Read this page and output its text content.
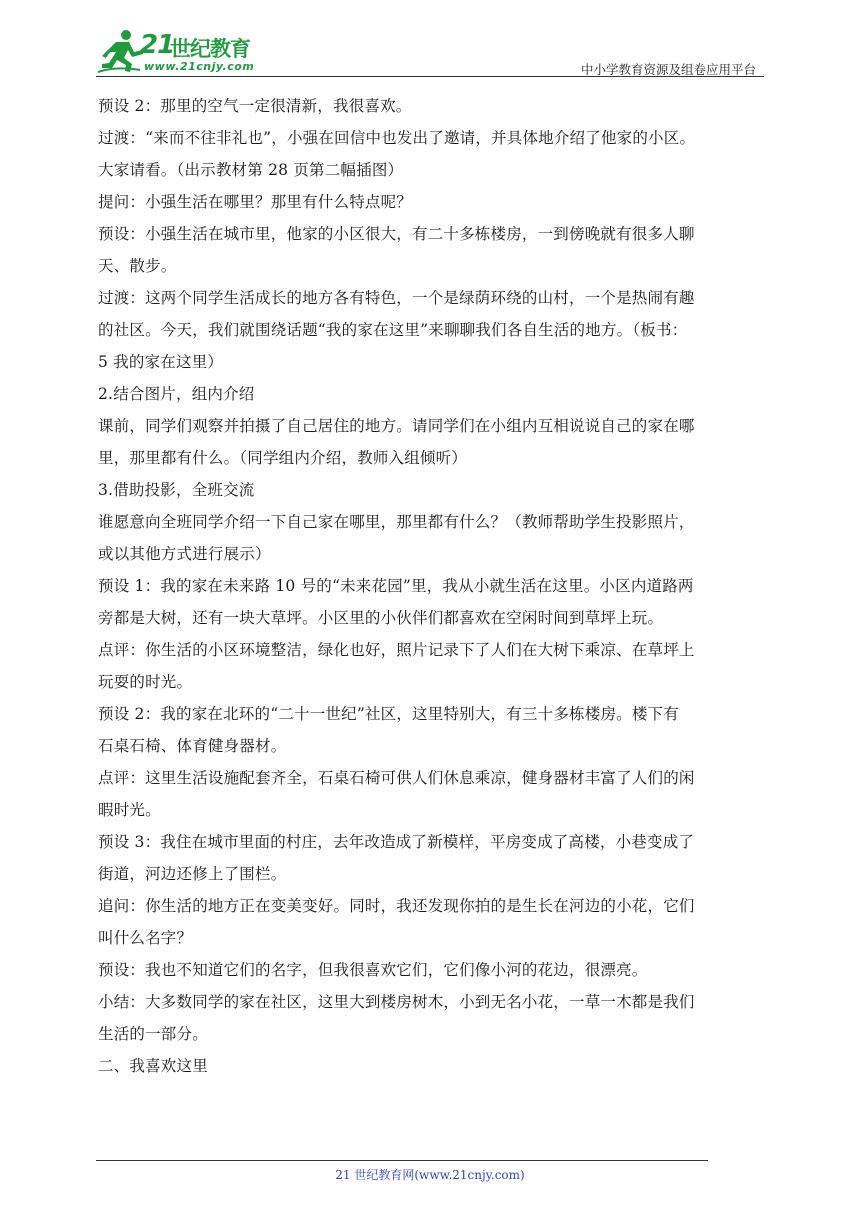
21
世纪教育
www.21cnjy.com	中小学教育资源及组卷应用平台
预设 2：那里的空气一定很清新，我很喜欢。
过渡：“来而不往非礼也”，小强在回信中也发出了邀请，并具体地介绍了他家的小区。
大家请看。（出示教材第 28 页第二幅插图）
提问：小强生活在哪里？那里有什么特点呢？
预设：小强生活在城市里，他家的小区很大，有二十多栋楼房，一到傍晚就有很多人聊
天、散步。
过渡：这两个同学生活成长的地方各有特色，一个是绿荫环绕的山村，一个是热闹有趣
的社区。今天，我们就围绕话题“我的家在这里”来聊聊我们各自生活的地方。（板书：
5 我的家在这里）
2.结合图片，组内介绍
课前，同学们观察并拍摄了自己居住的地方。请同学们在小组内互相说说自己的家在哪
里，那里都有什么。（同学组内介绍，教师入组倾听）
3.借助投影，全班交流
谁愿意向全班同学介绍一下自己家在哪里，那里都有什么？（教师帮助学生投影照片，
或以其他方式进行展示）
预设 1：我的家在未来路 10 号的“未来花园”里，我从小就生活在这里。小区内道路两
旁都是大树，还有一块大草坪。小区里的小伙伴们都喜欢在空闲时间到草坪上玩。
点评：你生活的小区环境整洁，绿化也好，照片记录下了人们在大树下乘凉、在草坪上
玩耍的时光。
预设 2：我的家在北环的“二十一世纪”社区，这里特别大，有三十多栋楼房。楼下有
石桌石椅、体育健身器材。
点评：这里生活设施配套齐全，石桌石椅可供人们休息乘凉，健身器材丰富了人们的闲
暇时光。
预设 3：我住在城市里面的村庄，去年改造成了新模样，平房变成了高楼，小巷变成了
街道，河边还修上了围栏。
追问：你生活的地方正在变美变好。同时，我还发现你拍的是生长在河边的小花，它们
叫什么名字？
预设：我也不知道它们的名字，但我很喜欢它们，它们像小河的花边，很漂亮。
小结：大多数同学的家在社区，这里大到楼房树木，小到无名小花，一草一木都是我们
生活的一部分。
二、我喜欢这里
21 世纪教育网(www.21cnjy.com)
